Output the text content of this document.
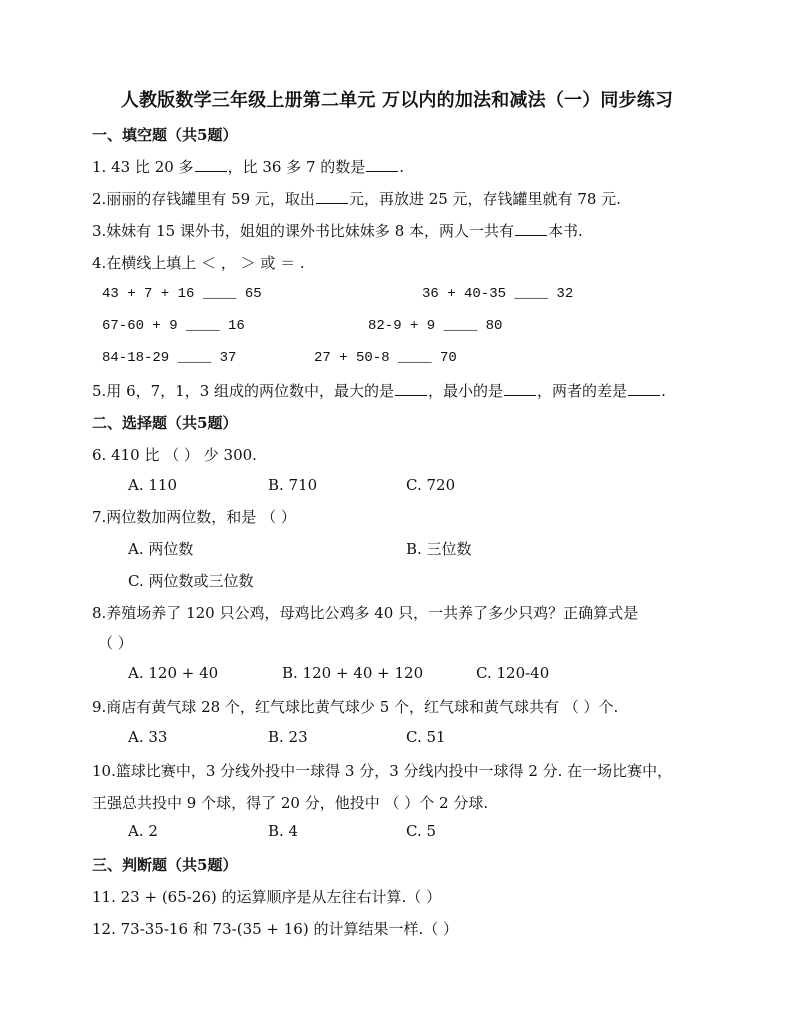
人教版数学三年级上册第二单元 万以内的加法和减法（一）同步练习
一、填空题（共5题）
1. 43 比 20 多 ，比 36 多 7 的数是 .
2.丽丽的存钱罐里有 59 元，取出 元，再放进 25 元，存钱罐里就有 78 元.
3.妹妹有 15 课外书，姐姐的课外书比妹妹多 8 本，两人一共有 本书.
4.在横线上填上 ＜ ， ＞ 或 ＝ .
43 + 7 + 16 ____ 65	36 + 40-35 ____ 32
67-60 + 9 ____ 16	82-9 + 9 ____ 80
84-18-29 ____ 37	27 + 50-8 ____ 70
5.用 6，7，1，3 组成的两位数中，最大的是 ，最小的是 ，两者的差是 .
二、选择题（共5题）
6. 410 比 （ ） 少 300.
A. 110	B. 710	C. 720
7.两位数加两位数，和是 （ ）
A. 两位数	B. 三位数
C. 两位数或三位数
8.养殖场养了 120 只公鸡，母鸡比公鸡多 40 只，一共养了多少只鸡？正确算式是
（ ）
A. 120 + 40	B. 120 + 40 + 120	C. 120-40
9.商店有黄气球 28 个，红气球比黄气球少 5 个，红气球和黄气球共有 （ ）个.
A. 33	B. 23	C. 51
10.篮球比赛中，3 分线外投中一球得 3 分，3 分线内投中一球得 2 分. 在一场比赛中，
王强总共投中 9 个球，得了 20 分，他投中 （ ）个 2 分球.
A. 2	B. 4	C. 5
三、判断题（共5题）
11. 23 + (65-26) 的运算顺序是从左往右计算.（ ）
12. 73-35-16 和 73-(35 + 16) 的计算结果一样.（ ）
